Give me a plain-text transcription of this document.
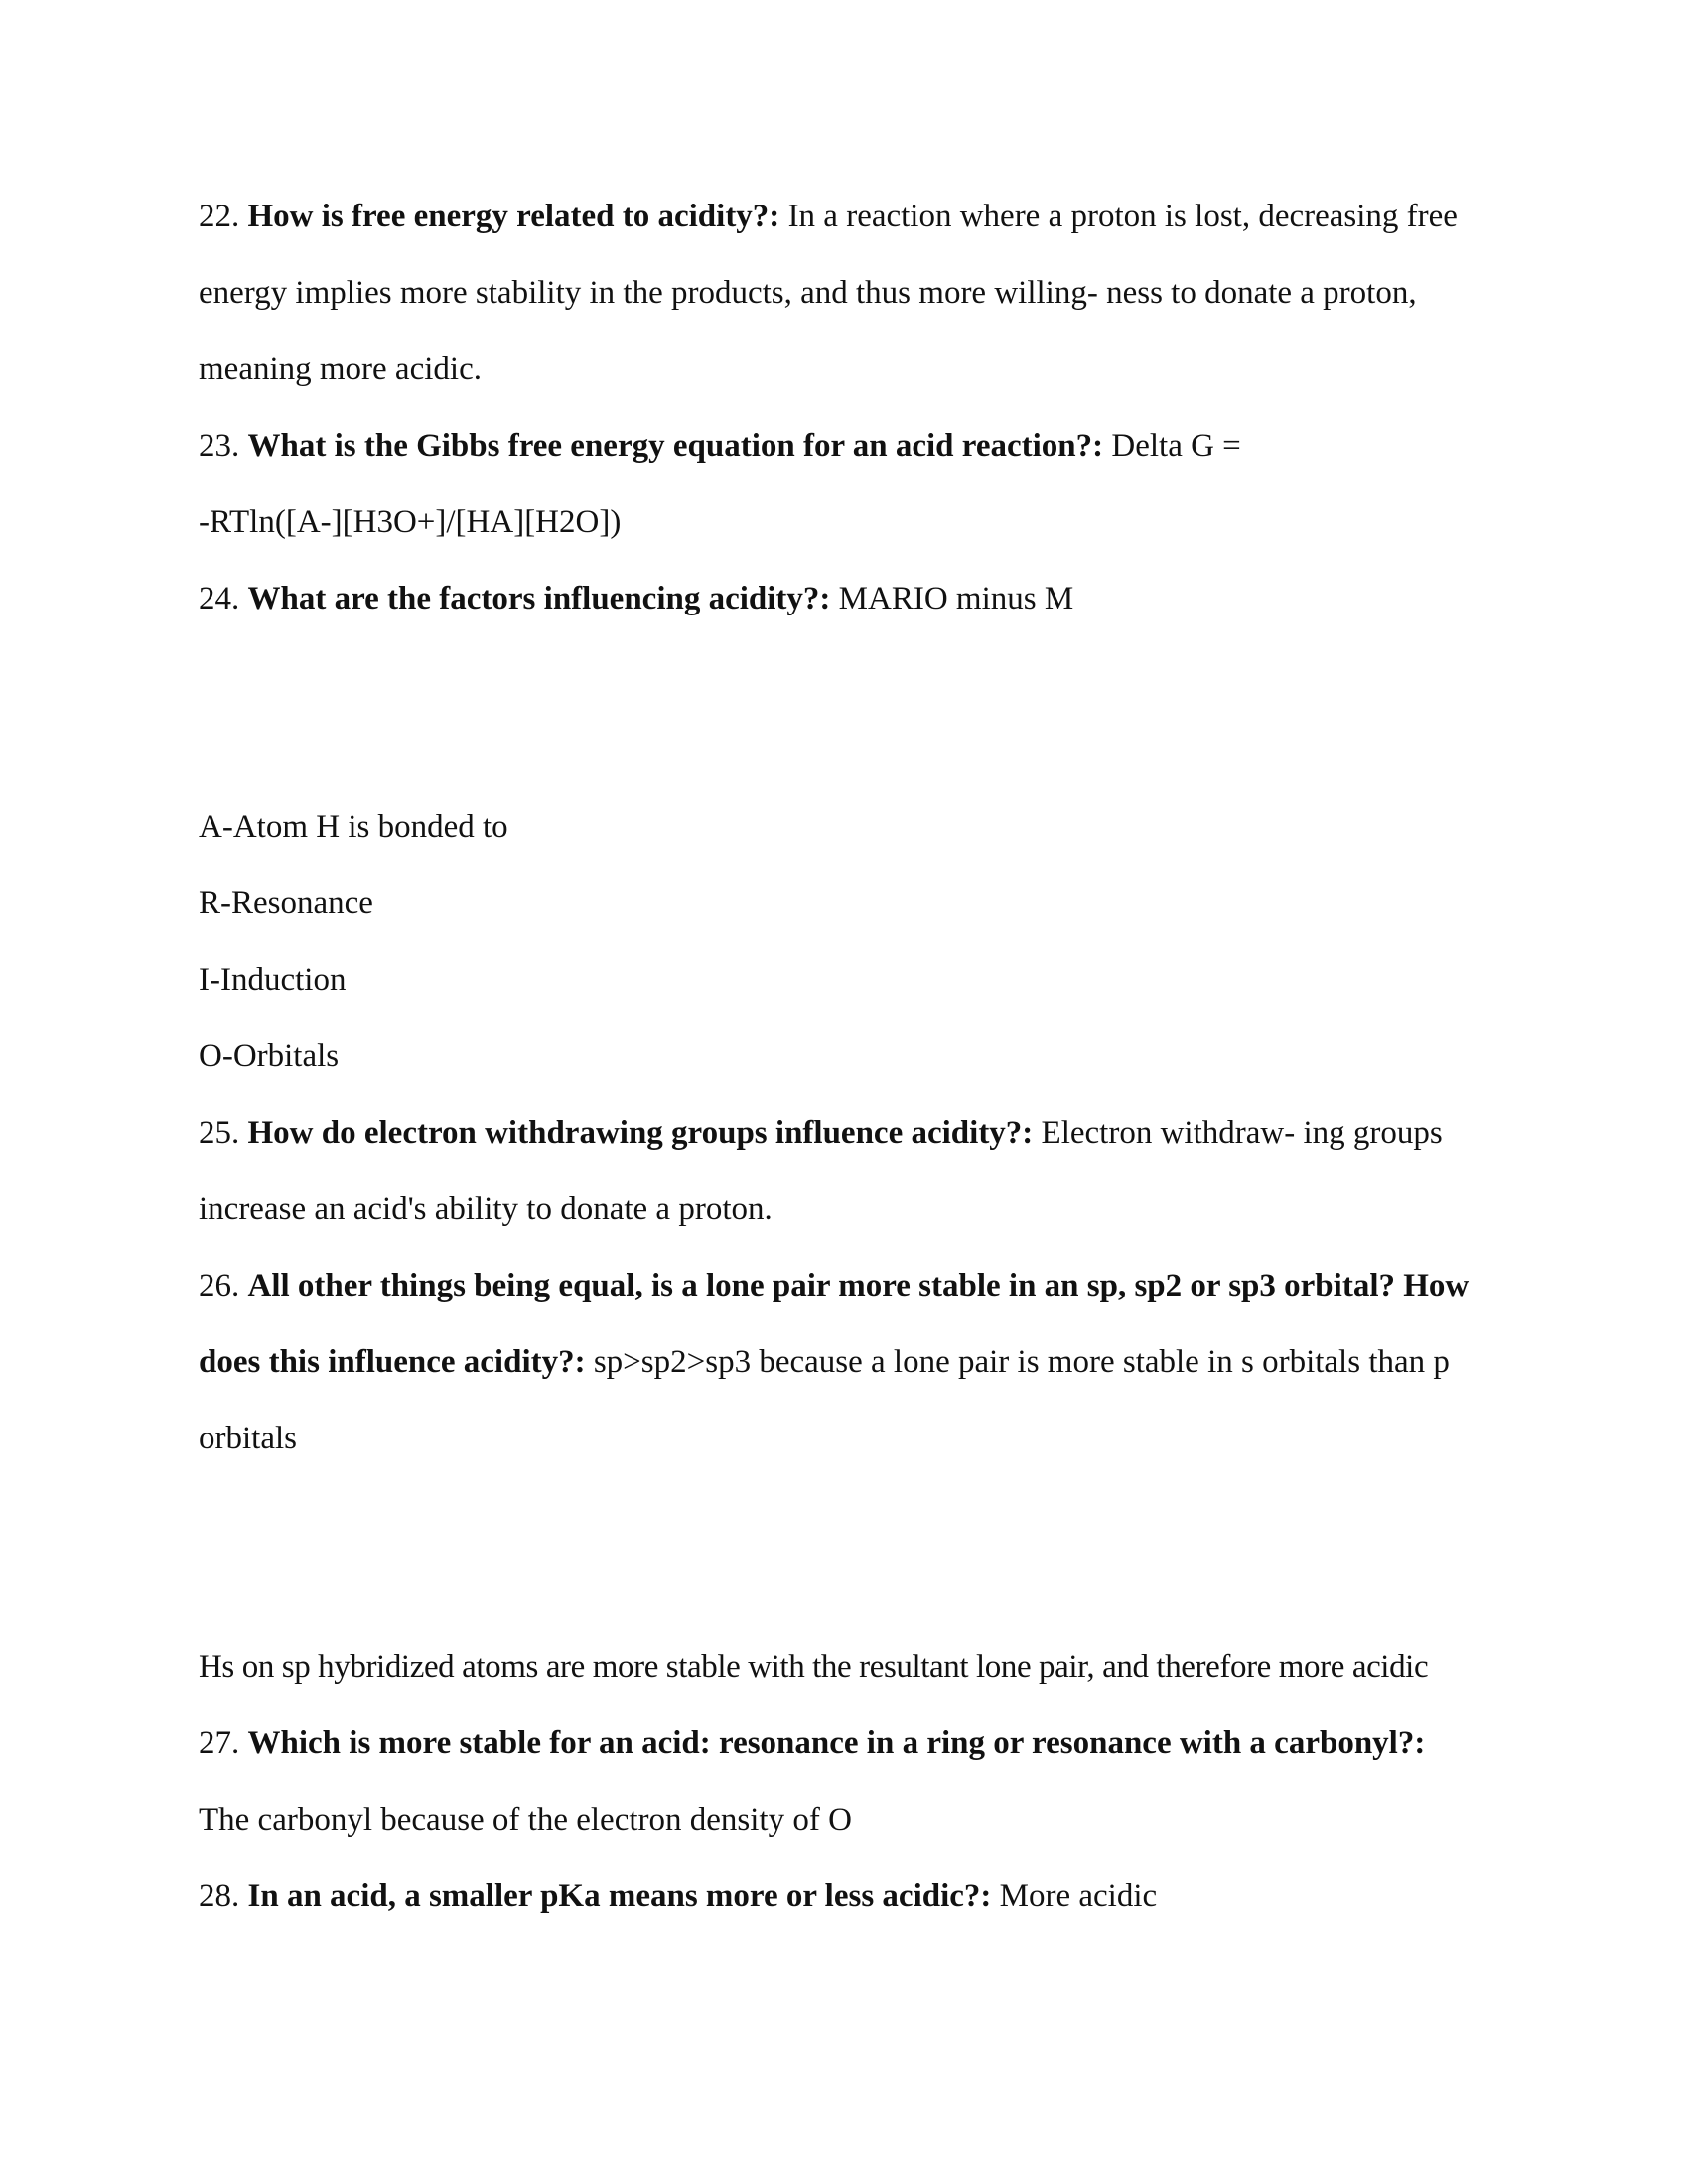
22. How is free energy related to acidity?: In a reaction where a proton is lost, decreasing free
energy implies more stability in the products, and thus more willing- ness to donate a proton,
meaning more acidic.
23. What is the Gibbs free energy equation for an acid reaction?: Delta G =
-RTln([A-][H3O+]/[HA][H2O])
24. What are the factors influencing acidity?: MARIO minus M
A-Atom H is bonded to
R-Resonance
I-Induction
O-Orbitals
25. How do electron withdrawing groups influence acidity?: Electron withdraw- ing groups
increase an acid's ability to donate a proton.
26. All other things being equal, is a lone pair more stable in an sp, sp2 or sp3 orbital? How
does this influence acidity?: sp>sp2>sp3 because a lone pair is more stable in s orbitals than p
orbitals
Hs on sp hybridized atoms are more stable with the resultant lone pair, and therefore more acidic
27. Which is more stable for an acid: resonance in a ring or resonance with a carbonyl?:
The carbonyl because of the electron density of O
28. In an acid, a smaller pKa means more or less acidic?: More acidic
